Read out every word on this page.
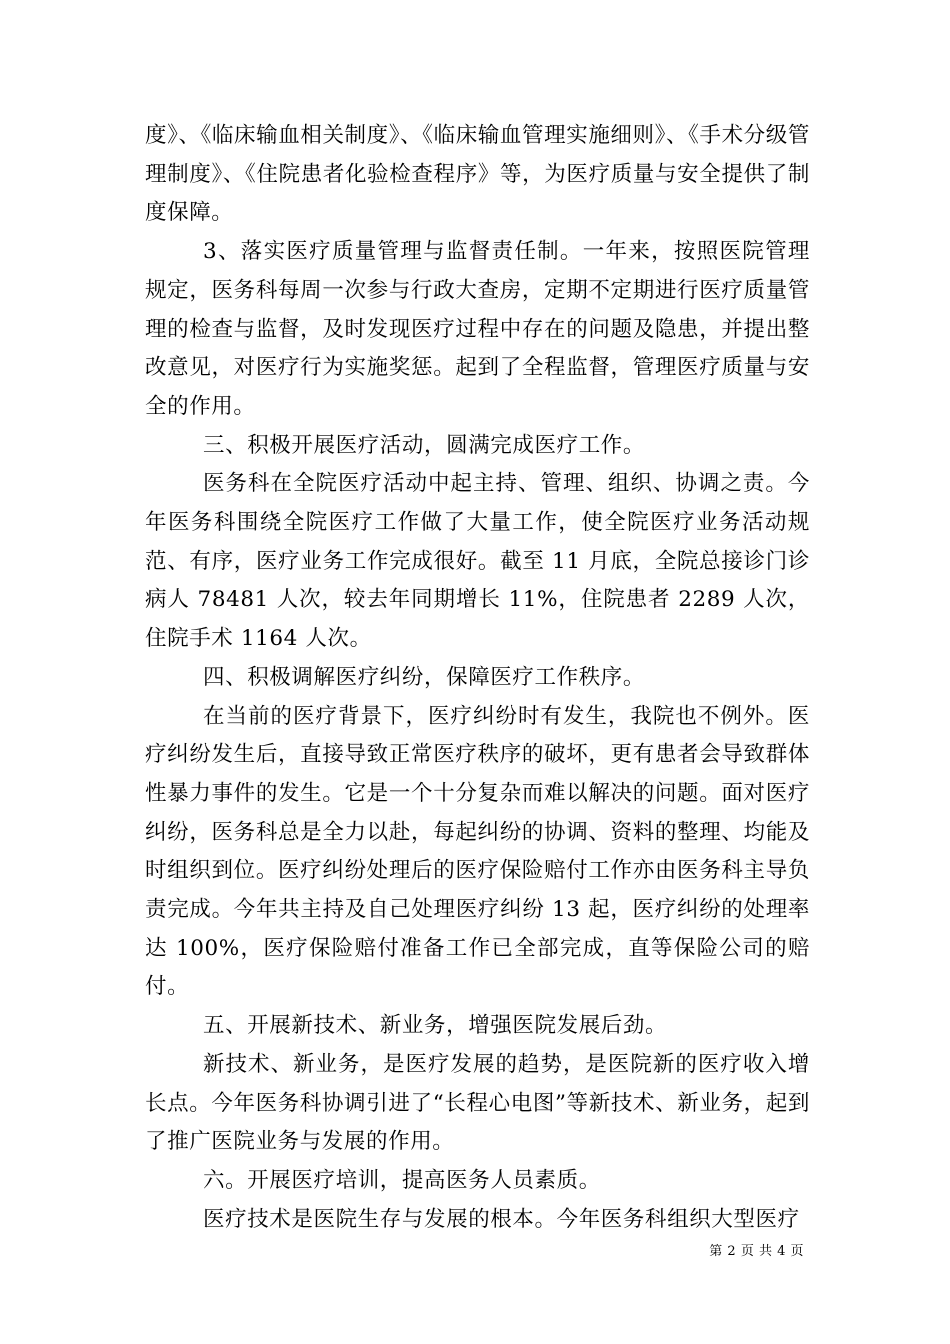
度》、《临床输血相关制度》、《临床输血管理实施细则》、《手术分级管理制度》、《住院患者化验检查程序》等，为医疗质量与安全提供了制度保障。

3、落实医疗质量管理与监督责任制。一年来，按照医院管理规定，医务科每周一次参与行政大查房，定期不定期进行医疗质量管理的检查与监督，及时发现医疗过程中存在的问题及隐患，并提出整改意见，对医疗行为实施奖惩。起到了全程监督，管理医疗质量与安全的作用。

三、积极开展医疗活动，圆满完成医疗工作。

医务科在全院医疗活动中起主持、管理、组织、协调之责。今年医务科围绕全院医疗工作做了大量工作，使全院医疗业务活动规范、有序，医疗业务工作完成很好。截至 11 月底，全院总接诊门诊病人 78481 人次，较去年同期增长 11%，住院患者 2289 人次，住院手术 1164 人次。

四、积极调解医疗纠纷，保障医疗工作秩序。

在当前的医疗背景下，医疗纠纷时有发生，我院也不例外。医疗纠纷发生后，直接导致正常医疗秩序的破坏，更有患者会导致群体性暴力事件的发生。它是一个十分复杂而难以解决的问题。面对医疗纠纷，医务科总是全力以赴，每起纠纷的协调、资料的整理、均能及时组织到位。医疗纠纷处理后的医疗保险赔付工作亦由医务科主导负责完成。今年共主持及自己处理医疗纠纷 13 起，医疗纠纷的处理率达 100%，医疗保险赔付准备工作已全部完成，直等保险公司的赔付。

五、开展新技术、新业务，增强医院发展后劲。

新技术、新业务，是医疗发展的趋势，是医院新的医疗收入增长点。今年医务科协调引进了“长程心电图”等新技术、新业务，起到了推广医院业务与发展的作用。

六。开展医疗培训，提高医务人员素质。

医疗技术是医院生存与发展的根本。今年医务科组织大型医疗

第 2 页 共 4 页
